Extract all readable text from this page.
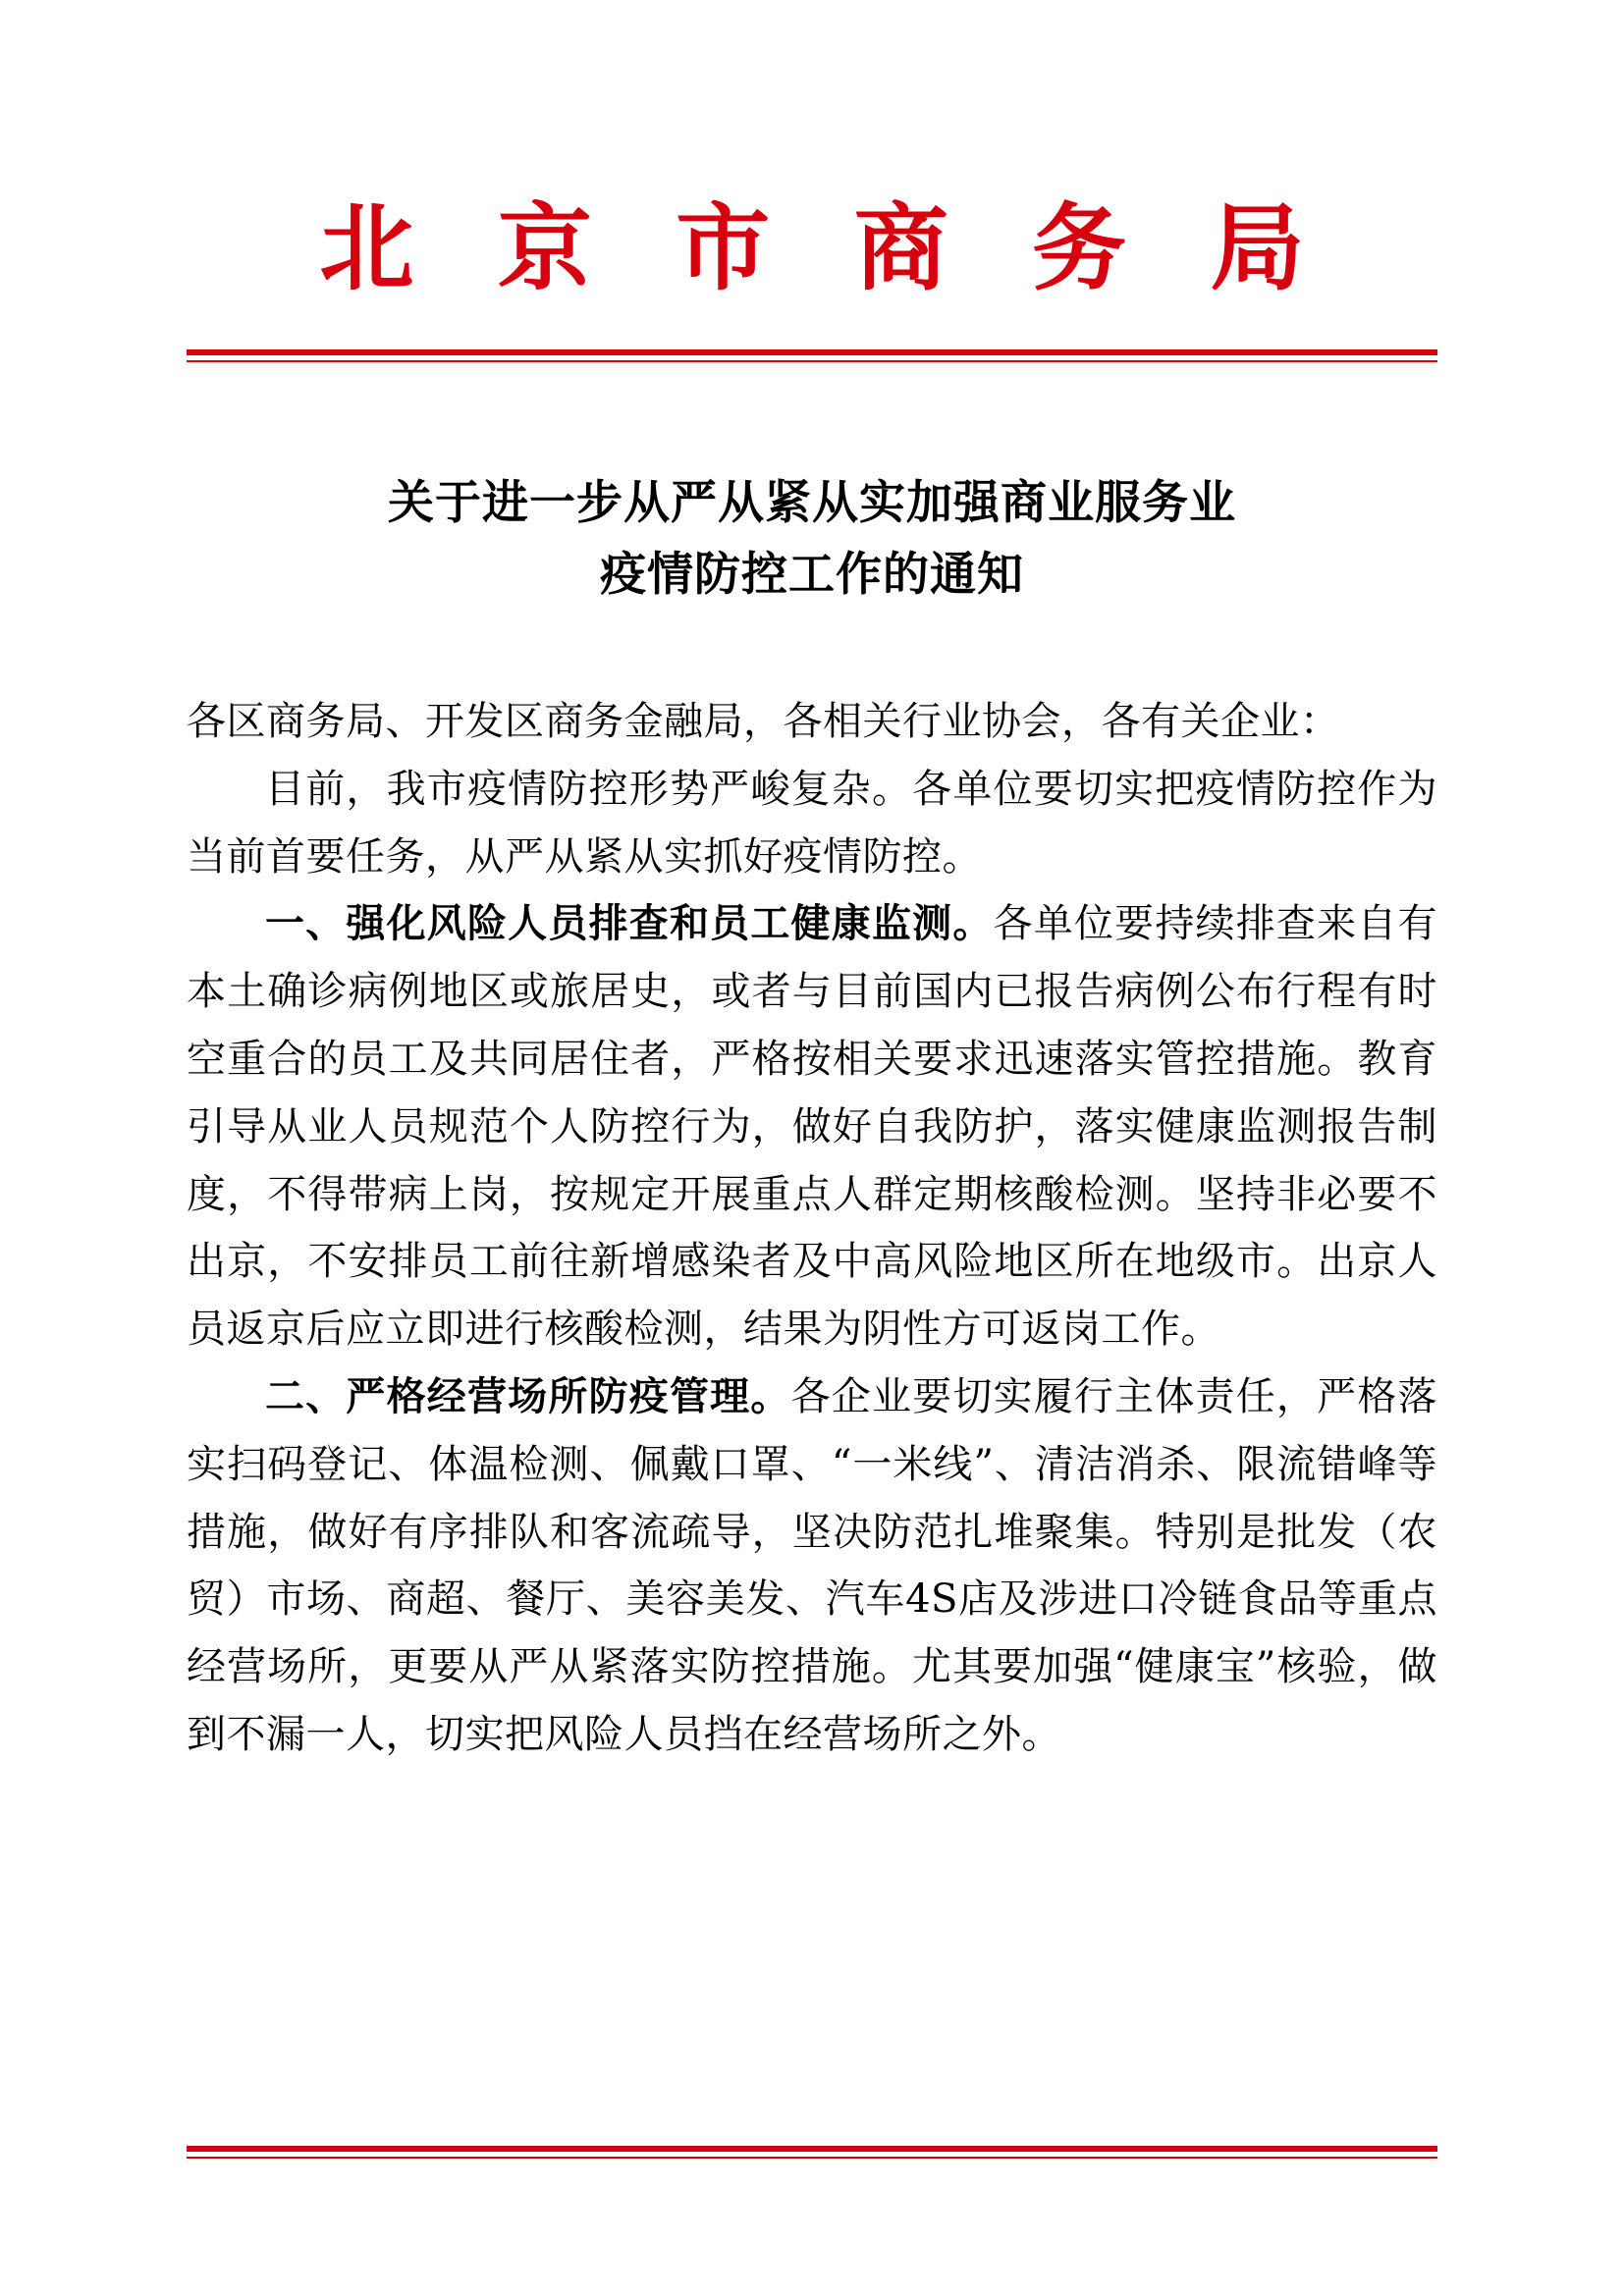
北 京 市 商 务 局
关于进一步从严从紧从实加强商业服务业
疫情防控工作的通知

各区商务局、开发区商务金融局，各相关行业协会，各有关企业：

目前，我市疫情防控形势严峻复杂。各单位要切实把疫情防控作为当前首要任务，从严从紧从实抓好疫情防控。

一、强化风险人员排查和员工健康监测。各单位要持续排查来自有本土确诊病例地区或旅居史，或者与目前国内已报告病例公布行程有时空重合的员工及共同居住者，严格按相关要求迅速落实管控措施。教育引导从业人员规范个人防控行为，做好自我防护，落实健康监测报告制度，不得带病上岗，按规定开展重点人群定期核酸检测。坚持非必要不出京，不安排员工前往新增感染者及中高风险地区所在地级市。出京人员返京后应立即进行核酸检测，结果为阴性方可返岗工作。

二、严格经营场所防疫管理。各企业要切实履行主体责任，严格落实扫码登记、体温检测、佩戴口罩、“一米线”、清洁消杀、限流错峰等措施，做好有序排队和客流疏导，坚决防范扎堆聚集。特别是批发（农贸）市场、商超、餐厅、美容美发、汽车4S店及涉进口冷链食品等重点经营场所，更要从严从紧落实防控措施。尤其要加强“健康宝”核验，做到不漏一人，切实把风险人员挡在经营场所之外。
